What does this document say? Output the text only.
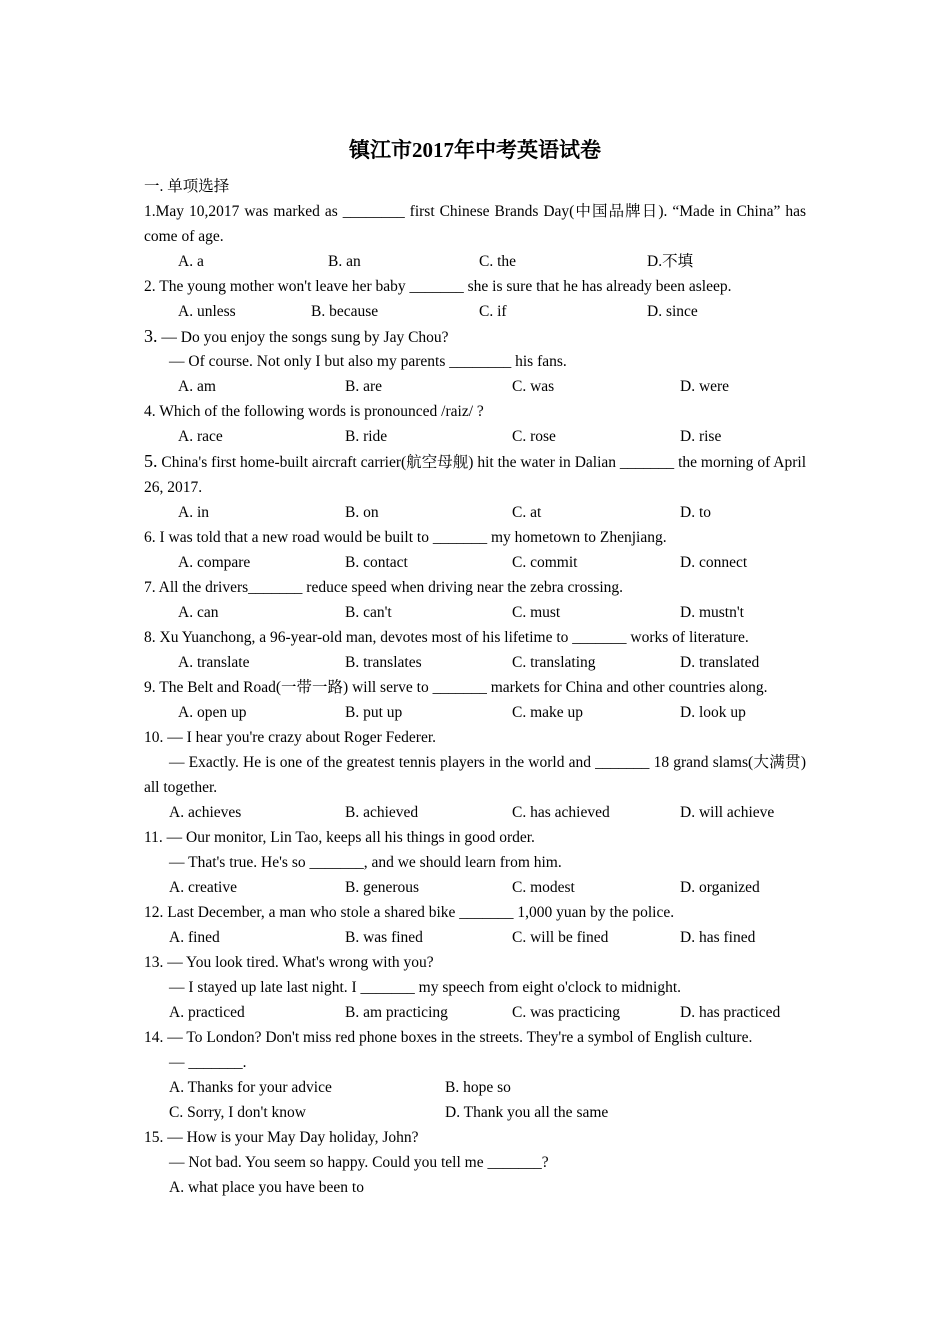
镇江市2017年中考英语试卷
一. 单项选择
1.May 10,2017 was marked as ________ first Chinese Brands Day(中国品牌日). “Made in China” has come of age.
A. a	B. an	C. the	D.不填
2. The young mother won't leave her baby _______ she is sure that he has already been asleep.
A. unless	B. because	C. if	D. since
3. — Do you enjoy the songs sung by Jay Chou?
— Of course. Not only I but also my parents ________ his fans.
A. am	B. are	C. was	D. were
4. Which of the following words is pronounced /raiz/ ?
A. race	B. ride	C. rose	D. rise
5. China's first home-built aircraft carrier(航空母舰) hit the water in Dalian _______ the morning of April 26, 2017.
A. in	B. on	C. at	D. to
6. I was told that a new road would be built to _______ my hometown to Zhenjiang.
A. compare	B. contact	C. commit	D. connect
7. All the drivers_______ reduce speed when driving near the zebra crossing.
A. can	B. can't	C. must	D. mustn't
8. Xu Yuanchong, a 96-year-old man, devotes most of his lifetime to _______ works of literature.
A. translate	B. translates	C. translating	D. translated
9. The Belt and Road(一带一路) will serve to _______ markets for China and other countries along.
A. open up	B. put up	C. make up	D. look up
10. — I hear you're crazy about Roger Federer.
— Exactly. He is one of the greatest tennis players in the world and _______ 18 grand slams(大满贯) all together.
A. achieves	B. achieved	C. has achieved	D. will achieve
11. — Our monitor, Lin Tao, keeps all his things in good order.
— That's true. He's so _______, and we should learn from him.
A. creative	B. generous	C. modest	D. organized
12. Last December, a man who stole a shared bike _______ 1,000 yuan by the police.
A. fined	B. was fined	C. will be fined	D. has fined
13. — You look tired. What's wrong with you?
— I stayed up late last night. I _______ my speech from eight o'clock to midnight.
A. practiced	B. am practicing	C. was practicing	D. has practiced
14. — To London? Don't miss red phone boxes in the streets. They're a symbol of English culture.
— _______.
A. Thanks for your advice	B. hope so
C. Sorry, I don't know	D. Thank you all the same
15. — How is your May Day holiday, John?
— Not bad. You seem so happy. Could you tell me _______?
A. what place you have been to
